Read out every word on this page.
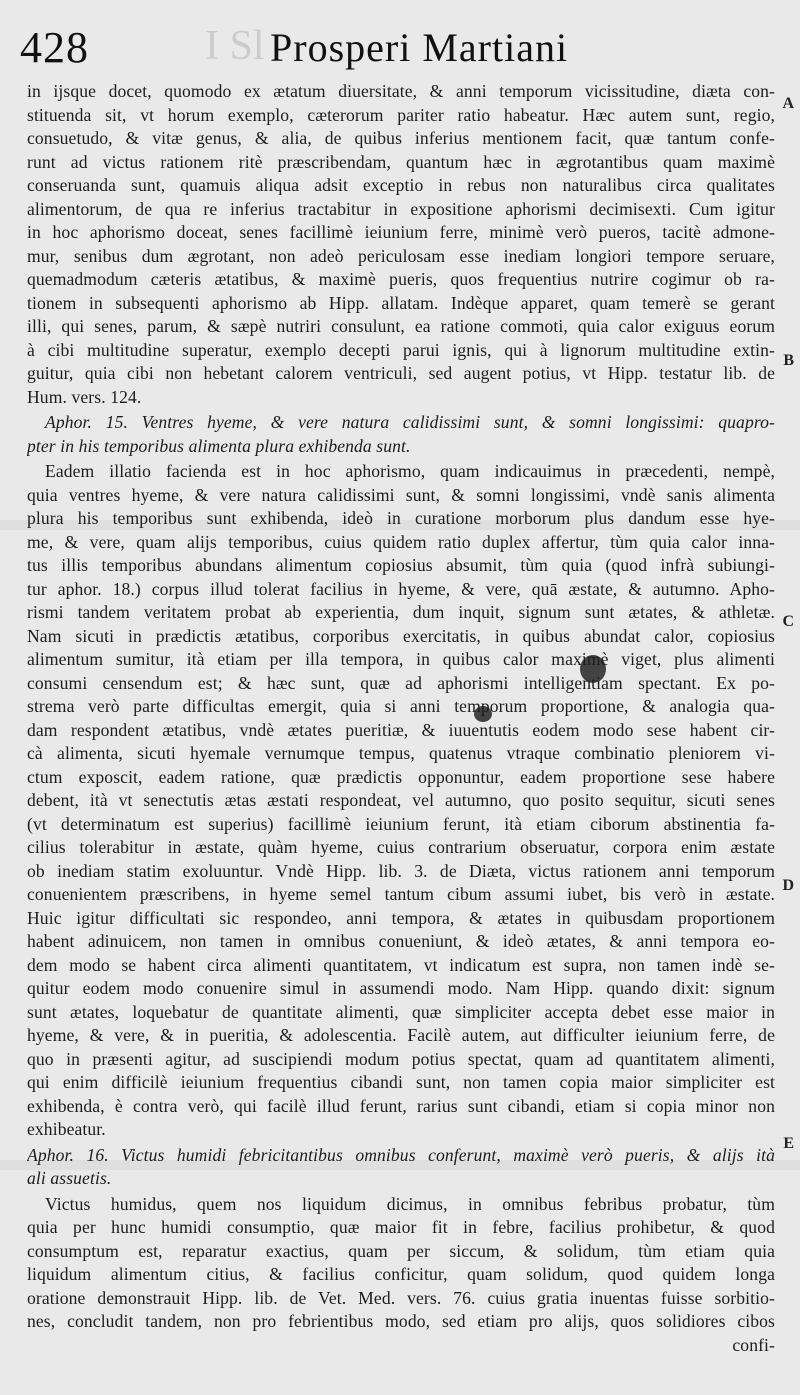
I Sl
428	Prosperi Martiani
A
B
C
D
E
in ijsque docet, quomodo ex ætatum diuersitate, & anni temporum vicissitudine, diæta con-
stituenda sit, vt horum exemplo, cæterorum pariter ratio habeatur. Hæc autem sunt, regio,
consuetudo, & vitæ genus, & alia, de quibus inferius mentionem facit, quæ tantum confe-
runt ad victus rationem ritè præscribendam, quantum hæc in ægrotantibus quam maximè
conseruanda sunt, quamuis aliqua adsit exceptio in rebus non naturalibus circa qualitates
alimentorum, de qua re inferius tractabitur in expositione aphorismi decimisexti. Cum igitur
in hoc aphorismo doceat, senes facillimè ieiunium ferre, minimè verò pueros, tacitè admone-
mur, senibus dum ægrotant, non adeò periculosam esse inediam longiori tempore seruare,
quemadmodum cæteris ætatibus, & maximè pueris, quos frequentius nutrire cogimur ob ra-
tionem in subsequenti aphorismo ab Hipp. allatam. Indèque apparet, quam temerè se gerant
illi, qui senes, parum, & sæpè nutriri consulunt, ea ratione commoti, quia calor exiguus eorum
à cibi multitudine superatur, exemplo decepti parui ignis, qui à lignorum multitudine extin-
guitur, quia cibi non hebetant calorem ventriculi, sed augent potius, vt Hipp. testatur lib. de
Hum. vers. 124.
Aphor. 15. Ventres hyeme, & vere natura calidissimi sunt, & somni longissimi: quapro-
pter in his temporibus alimenta plura exhibenda sunt.
Eadem illatio facienda est in hoc aphorismo, quam indicauimus in præcedenti, nempè,
quia ventres hyeme, & vere natura calidissimi sunt, & somni longissimi, vndè sanis alimenta
plura his temporibus sunt exhibenda, ideò in curatione morborum plus dandum esse hye-
me, & vere, quam alijs temporibus, cuius quidem ratio duplex affertur, tùm quia calor inna-
tus illis temporibus abundans alimentum copiosius absumit, tùm quia (quod infrà subiungi-
tur aphor. 18.) corpus illud tolerat facilius in hyeme, & vere, quā æstate, & autumno. Apho-
rismi tandem veritatem probat ab experientia, dum inquit, signum sunt ætates, & athletæ.
Nam sicuti in prædictis ætatibus, corporibus exercitatis, in quibus abundat calor, copiosius
alimentum sumitur, ità etiam per illa tempora, in quibus calor maximè viget, plus alimenti
consumi censendum est; & hæc sunt, quæ ad aphorismi intelligentiam spectant. Ex po-
strema verò parte difficultas emergit, quia si anni temporum proportione, & analogia qua-
dam respondent ætatibus, vndè ætates pueritiæ, & iuuentutis eodem modo sese habent cir-
cà alimenta, sicuti hyemale vernumque tempus, quatenus vtraque combinatio pleniorem vi-
ctum exposcit, eadem ratione, quæ prædictis opponuntur, eadem proportione sese habere
debent, ità vt senectutis ætas æstati respondeat, vel autumno, quo posito sequitur, sicuti senes
(vt determinatum est superius) facillimè ieiunium ferunt, ità etiam ciborum abstinentia fa-
cilius tolerabitur in æstate, quàm hyeme, cuius contrarium obseruatur, corpora enim æstate
ob inediam statim exoluuntur. Vndè Hipp. lib. 3. de Diæta, victus rationem anni temporum
conuenientem præscribens, in hyeme semel tantum cibum assumi iubet, bis verò in æstate.
Huic igitur difficultati sic respondeo, anni tempora, & ætates in quibusdam proportionem
habent adinuicem, non tamen in omnibus conueniunt, & ideò ætates, & anni tempora eo-
dem modo se habent circa alimenti quantitatem, vt indicatum est supra, non tamen indè se-
quitur eodem modo conuenire simul in assumendi modo. Nam Hipp. quando dixit: signum
sunt ætates, loquebatur de quantitate alimenti, quæ simpliciter accepta debet esse maior in
hyeme, & vere, & in pueritia, & adolescentia. Facilè autem, aut difficulter ieiunium ferre, de
quo in præsenti agitur, ad suscipiendi modum potius spectat, quam ad quantitatem alimenti,
qui enim difficilè ieiunium frequentius cibandi sunt, non tamen copia maior simpliciter est
exhibenda, è contra verò, qui facilè illud ferunt, rarius sunt cibandi, etiam si copia minor non
exhibeatur.
Aphor. 16. Victus humidi febricitantibus omnibus conferunt, maximè verò pueris, & alijs ità
ali assuetis.
Victus humidus, quem nos liquidum dicimus, in omnibus febribus probatur, tùm
quia per hunc humidi consumptio, quæ maior fit in febre, facilius prohibetur, & quod
consumptum est, reparatur exactius, quam per siccum, & solidum, tùm etiam quia
liquidum alimentum citius, & facilius conficitur, quam solidum, quod quidem longa
oratione demonstrauit Hipp. lib. de Vet. Med. vers. 76. cuius gratia inuentas fuisse sorbitio-
nes, concludit tandem, non pro febrientibus modo, sed etiam pro alijs, quos solidiores cibos
confi-
